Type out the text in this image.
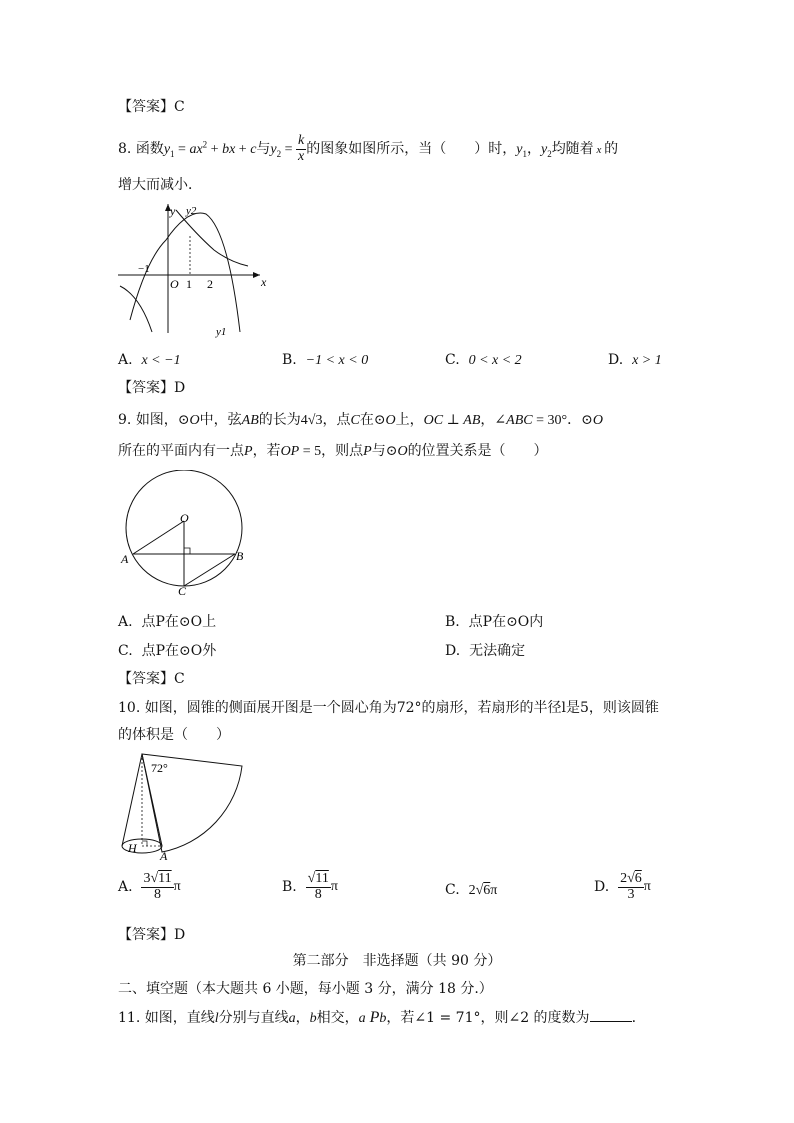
【答案】C
8. 函数$y_1 = ax^2$ + bx + c与$y_2 = \frac{k}{x}$ 的图象如图所示，当（　　）时，$y_1$，$y_2$均随着 x 的
增大而减小．
y y2
x
O
−1
1 2
y1
A. x < −1	B. −1 < x < 0	C. 0 < x < 2	D. x > 1
【答案】D
9. 如图，⊙O中，弦AB的长为4√3，点C在⊙O上，OC ⊥ AB，∠ABC = 30°．⊙O
所在的平面内有一点P，若OP = 5，则点P与⊙O的位置关系是（　　）
O
A	B
C
A. 点P在⊙O上	B. 点P在⊙O内
C. 点P在⊙O外	D. 无法确定
【答案】C
10. 如图，圆锥的侧面展开图是一个圆心角为72°的扇形，若扇形的半径l是5，则该圆锥
的体积是（　　）
72°
H
A
A. $\frac{3√11}{8}$ π	B. $\frac{√11}{8}$ π	C. 2√6π	D. $\frac{2√6}{3}$ π
【答案】D
第二部分　非选择题（共 90 分）
二、填空题（本大题共 6 小题，每小题 3 分，满分 18 分.）
11. 如图，直线l分别与直线a，b相交，a Pb，若∠1 = 71°，则∠2 的度数为	.
